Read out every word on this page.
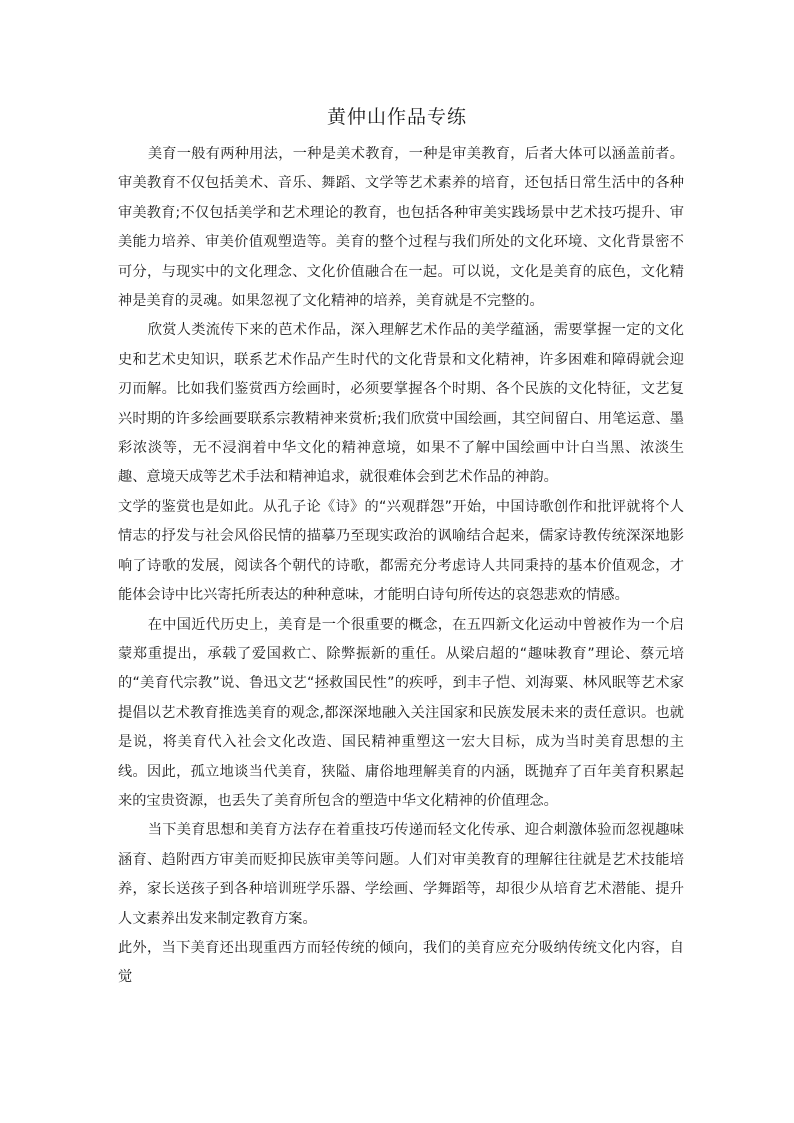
黄仲山作品专练

美育一般有两种用法，一种是美术教育，一种是审美教育，后者大体可以涵盖前者。审美教育不仅包括美术、音乐、舞蹈、文学等艺术素养的培育，还包括日常生活中的各种审美教育;不仅包括美学和艺术理论的教育，也包括各种审美实践场景中艺术技巧提升、审美能力培养、审美价值观塑造等。美育的整个过程与我们所处的文化环境、文化背景密不可分，与现实中的文化理念、文化价值融合在一起。可以说，文化是美育的底色，文化精神是美育的灵魂。如果忽视了文化精神的培养，美育就是不完整的。

欣赏人类流传下来的芭术作品，深入理解艺术作品的美学蕴涵，需要掌握一定的文化史和艺术史知识，联系艺术作品产生时代的文化背景和文化精神，许多困难和障碍就会迎刃而解。比如我们鉴赏西方绘画时，必须要掌握各个时期、各个民族的文化特征，文艺复兴时期的许多绘画要联系宗教精神来赏析;我们欣赏中国绘画，其空间留白、用笔运意、墨彩浓淡等，无不浸润着中华文化的精神意境，如果不了解中国绘画中计白当黑、浓淡生趣、意境天成等艺术手法和精神追求，就很难体会到艺术作品的神韵。

文学的鉴赏也是如此。从孔子论《诗》的“兴观群怨”开始，中国诗歌创作和批评就将个人情志的抒发与社会风俗民情的描摹乃至现实政治的讽喻结合起来，儒家诗教传统深深地影响了诗歌的发展，阅读各个朝代的诗歌，都需充分考虑诗人共同秉持的基本价值观念，才能体会诗中比兴寄托所表达的种种意味，才能明白诗句所传达的哀怨悲欢的情感。

在中国近代历史上，美育是一个很重要的概念，在五四新文化运动中曾被作为一个启蒙郑重提出，承载了爱国救亡、除弊振新的重任。从梁启超的“趣味教育”理论、蔡元培的“美育代宗教”说、鲁迅文艺“拯救国民性”的疾呼，到丰子恺、刘海粟、林风眠等艺术家提倡以艺术教育推选美育的观念,都深深地融入关注国家和民族发展未来的责任意识。也就是说，将美育代入社会文化改造、国民精神重塑这一宏大目标，成为当时美育思想的主线。因此，孤立地谈当代美育，狭隘、庸俗地理解美育的内涵，既抛弃了百年美育积累起来的宝贵资源，也丢失了美育所包含的塑造中华文化精神的价值理念。

当下美育思想和美育方法存在着重技巧传递而轻文化传承、迎合刺激体验而忽视趣味涵育、趋附西方审美而贬抑民族审美等问题。人们对审美教育的理解往往就是艺术技能培养，家长送孩子到各种培训班学乐器、学绘画、学舞蹈等，却很少从培育艺术潜能、提升人文素养出发来制定教育方案。

此外，当下美育还出现重西方而轻传统的倾向，我们的美育应充分吸纳传统文化内容，自觉
